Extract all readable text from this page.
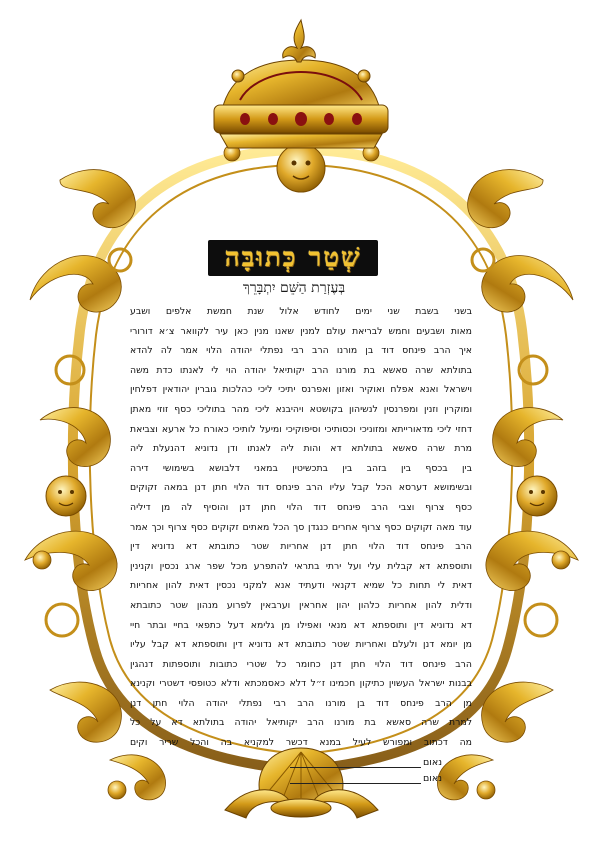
שְׁטַר כְּתוּבָּה
בְּעֶזְרַת הַשֵּׁם יִתְבָּרֵךְ
בשני בשבת שני ימים לחודש אלול שנת חמשת אלפים ושבע
מאות ושבעים וחמש לבריאת עולם למנין שאנו מנין כאן עיר לקוואר צ׳א דורורי
איך הרב פינחס דוד בן מורנו הרב רבי נפתלי יהודה הלוי אמר לה להדא
בתולתא שרה סאשא בת מורנו הרב יקותיאל יהודה הוי לי לאנתו כדת משה
וישראל ואנא אפלח ואוקיר ואזון ואפרנס יתיכי ליכי כהלכות גוברין יהודאין דפלחין
ומוקרין וזנין ומפרנסין לנשיהון בקושטא ויהיבנא ליכי מהר בתוליכי כסף זוזי מאתן
דחזי ליכי מדאורייתא ומזוניכי וכסותיכי וסיפוקיכי ומיעל לותיכי כאורח כל ארעא וצביאת
מרת שרה סאשא בתולתא דא והות ליה לאנתו ודן נדוניא דהנעלת ליה
בין בכסף בין בזהב בין בתכשיטין במאני דלבושא בשימושי דירה
ובשימושא דערסא הכל קבל עליו הרב פינחס דוד הלוי חתן דנן במאה זקוקים
כסף צרוף וצבי הרב פינחס דוד הלוי חתן דנן והוסיף לה מן דיליה
עוד מאה זקוקים כסף צרוף אחרים כנגדן סך הכל מאתים זקוקים כסף צרוף וכך אמר
הרב פינחס דוד הלוי חתן דנן אחריות שטר כתובתא דא נדוניא דין
ותוספתא דא קבלית עלי ועל ירתי בתראי להתפרע מכל שפר ארג נכסין וקנינין
דאית לי תחות כל שמיא דקנאי ודעתיד אנא למקני נכסין דאית להון אחריות
ודלית להון אחריות כלהון יהון אחראין וערבאין לפרוע מנהון שטר כתובתא
דא נדוניא דין ותוספתא דא מנאי ואפילו מן גלימא דעל כתפאי בחיי ובתר חיי
מן יומא דנן ולעלם ואחריות שטר כתובתא דא נדוניא דין ותוספתא דא קבל עליו
הרב פינחס דוד הלוי חתן דנן כחומר כל שטרי כתובות ותוספתות דנהגין
בבנות ישראל העשוין כתיקון חכמינו ז״ל דלא כאסמכתא ודלא כטופסי דשטרי וקנינא
מן הרב פינחס דוד בן מורנו הרב רבי נפתלי יהודה הלוי חתן דנן
למרת שרה סאשא בת מורנו הרב יקותיאל יהודה בתולתא דא על כל
מה דכתוב ומפורש לעיל במנא דכשר למקניא בה והכל שריר וקים
נאום
נאום
